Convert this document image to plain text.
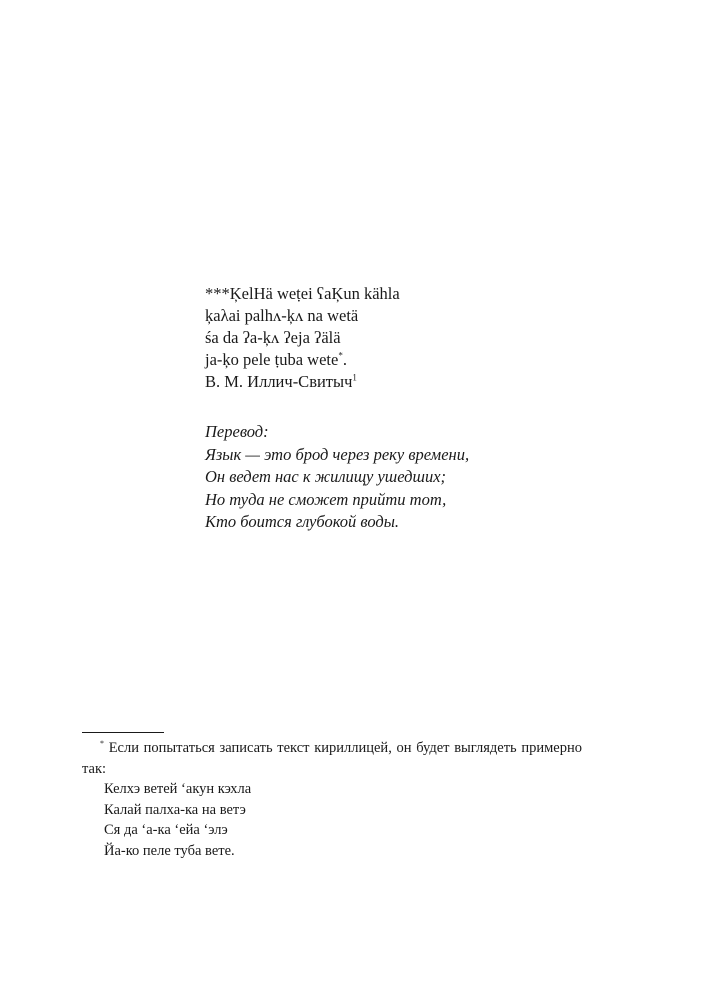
***ĶelHä weṭei ʕaĶun kähla
ķaλai palhʌ-ķʌ na wetä
śa da ʔa-ķʌ ʔeja ʔälä
ja-ķo pele ṭuba wete*.
В. М. Иллич-Свитыч$^1$
Перевод:
Язык — это брод через реку времени,
Он ведет нас к жилищу ушедших;
Но туда не сможет прийти тот,
Кто боится глубокой воды.
* Если попытаться записать текст кириллицей, он будет выглядеть примерно так:
Келхэ ветей ‘акун кэхла
Калай палха-ка на ветэ
Ся да ‘а-ка ‘ейа ‘элэ
Йа-ко пеле туба вете.
